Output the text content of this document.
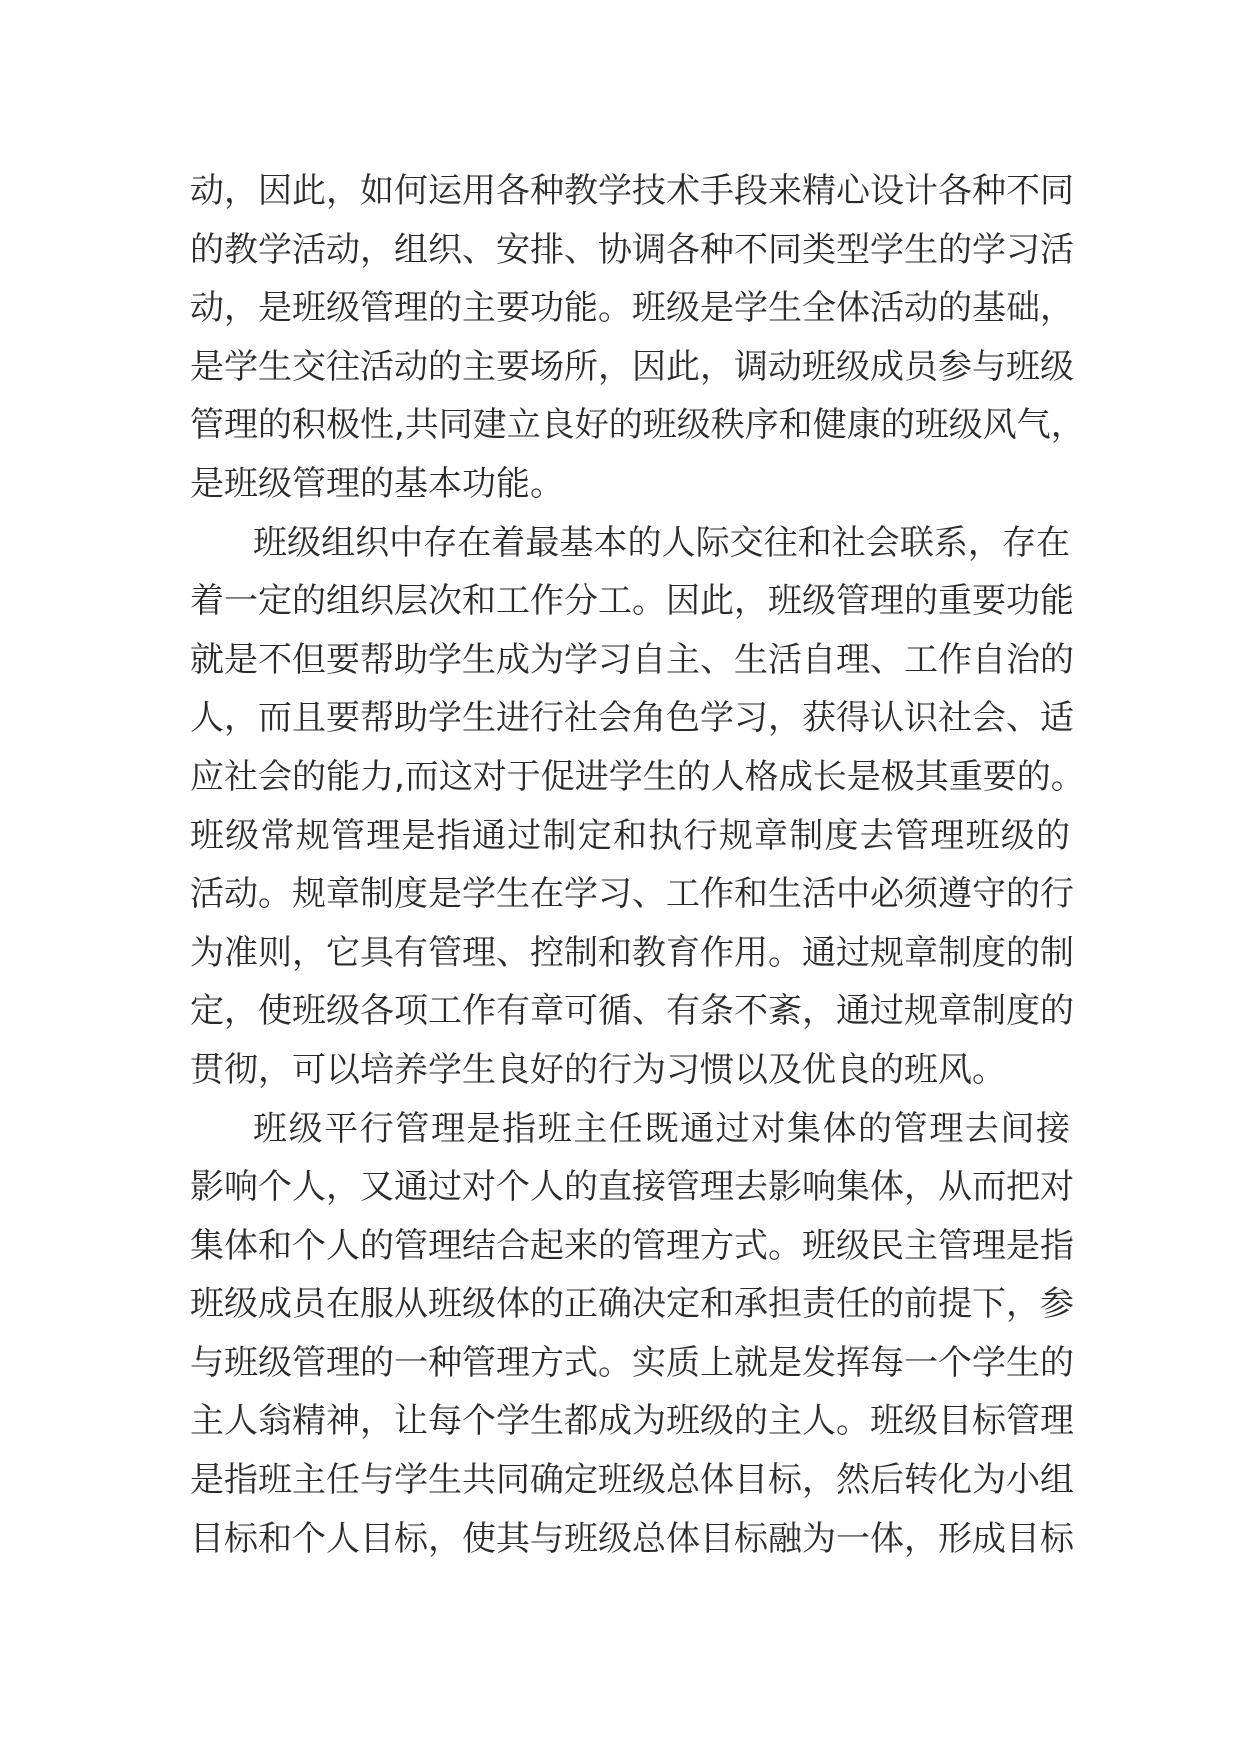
动，因此，如何运用各种教学技术手段来精心设计各种不同
的教学活动，组织、安排、协调各种不同类型学生的学习活
动，是班级管理的主要功能。班级是学生全体活动的基础，
是学生交往活动的主要场所，因此，调动班级成员参与班级
管理的积极性,共同建立良好的班级秩序和健康的班级风气，
是班级管理的基本功能。
班级组织中存在着最基本的人际交往和社会联系，存在
着一定的组织层次和工作分工。因此，班级管理的重要功能
就是不但要帮助学生成为学习自主、生活自理、工作自治的
人，而且要帮助学生进行社会角色学习，获得认识社会、适
应社会的能力,而这对于促进学生的人格成长是极其重要的。
班级常规管理是指通过制定和执行规章制度去管理班级的
活动。规章制度是学生在学习、工作和生活中必须遵守的行
为准则，它具有管理、控制和教育作用。通过规章制度的制
定，使班级各项工作有章可循、有条不紊，通过规章制度的
贯彻，可以培养学生良好的行为习惯以及优良的班风。
班级平行管理是指班主任既通过对集体的管理去间接
影响个人，又通过对个人的直接管理去影响集体，从而把对
集体和个人的管理结合起来的管理方式。班级民主管理是指
班级成员在服从班级体的正确决定和承担责任的前提下，参
与班级管理的一种管理方式。实质上就是发挥每一个学生的
主人翁精神，让每个学生都成为班级的主人。班级目标管理
是指班主任与学生共同确定班级总体目标，然后转化为小组
目标和个人目标，使其与班级总体目标融为一体，形成目标
